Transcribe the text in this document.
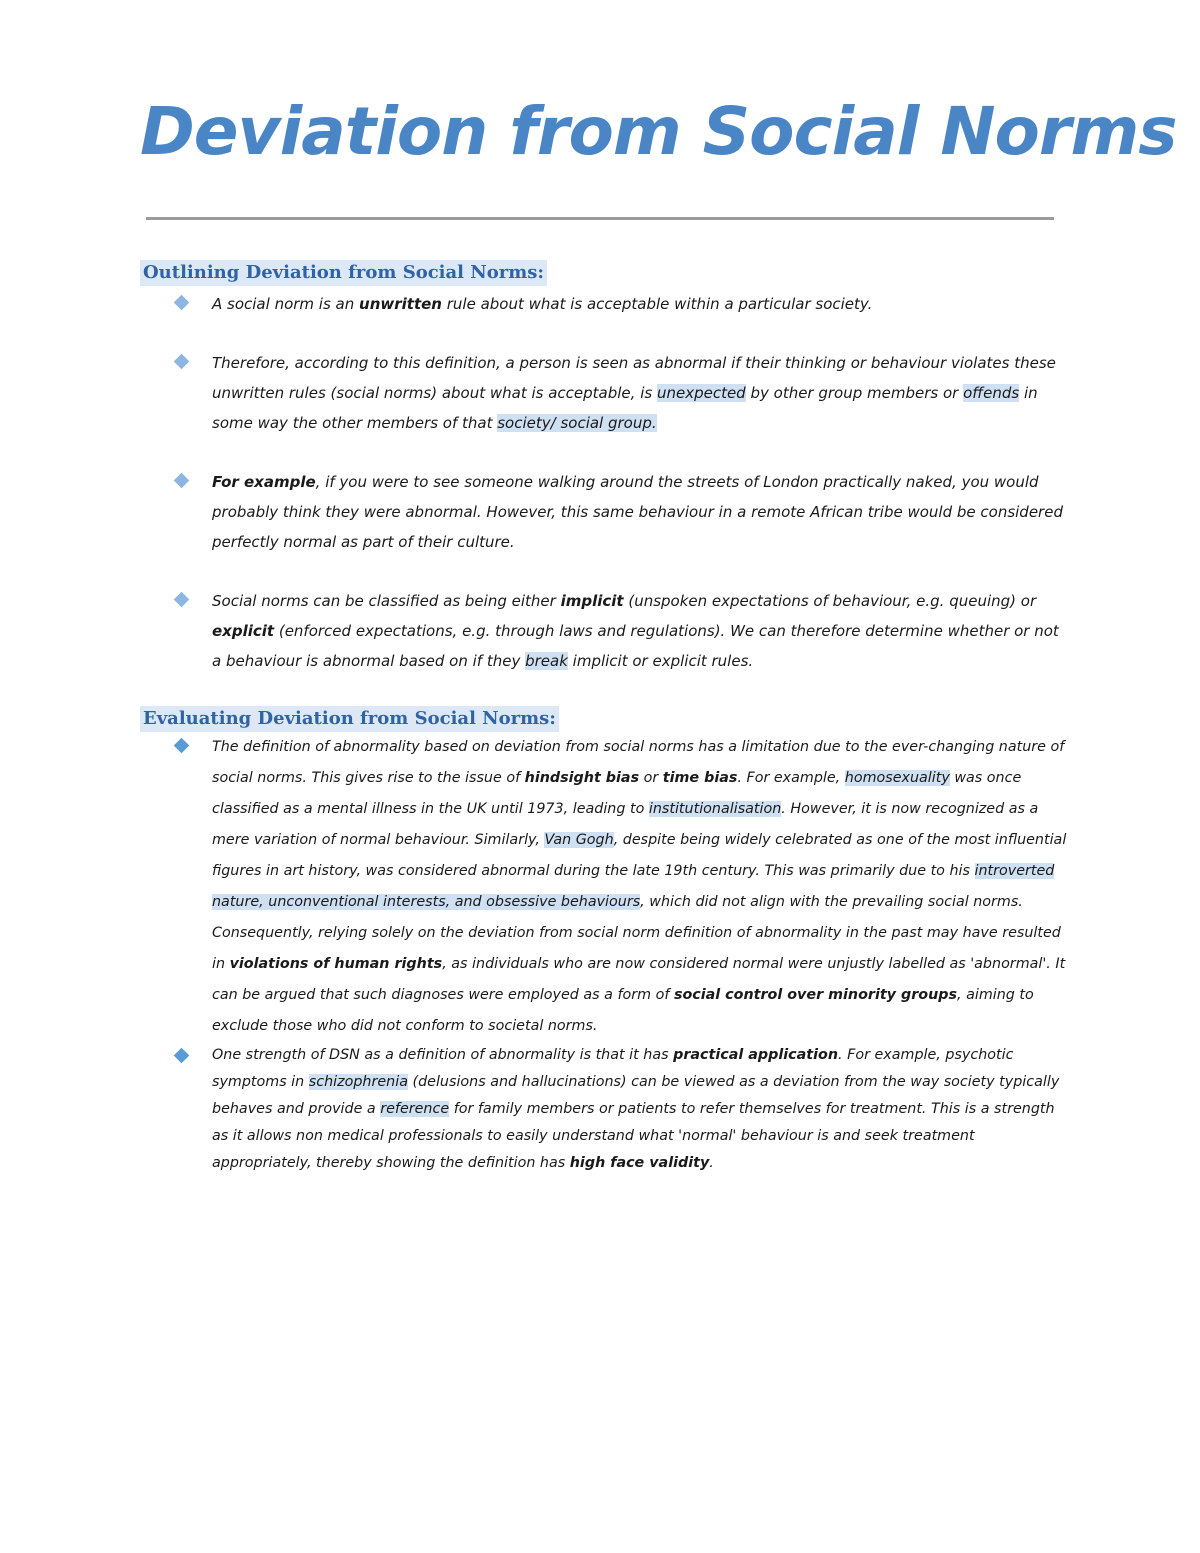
Deviation from Social Norms
Outlining Deviation from Social Norms:
A social norm is an unwritten rule about what is acceptable within a particular society.
Therefore, according to this definition, a person is seen as abnormal if their thinking or behaviour violates these unwritten rules (social norms) about what is acceptable, is unexpected by other group members or offends in some way the other members of that society/ social group.
For example, if you were to see someone walking around the streets of London practically naked, you would probably think they were abnormal. However, this same behaviour in a remote African tribe would be considered perfectly normal as part of their culture.
Social norms can be classified as being either implicit (unspoken expectations of behaviour, e.g. queuing) or explicit (enforced expectations, e.g. through laws and regulations). We can therefore determine whether or not a behaviour is abnormal based on if they break implicit or explicit rules.
Evaluating Deviation from Social Norms:
The definition of abnormality based on deviation from social norms has a limitation due to the ever-changing nature of social norms. This gives rise to the issue of hindsight bias or time bias. For example, homosexuality was once classified as a mental illness in the UK until 1973, leading to institutionalisation. However, it is now recognized as a mere variation of normal behaviour. Similarly, Van Gogh, despite being widely celebrated as one of the most influential figures in art history, was considered abnormal during the late 19th century. This was primarily due to his introverted nature, unconventional interests, and obsessive behaviours, which did not align with the prevailing social norms. Consequently, relying solely on the deviation from social norm definition of abnormality in the past may have resulted in violations of human rights, as individuals who are now considered normal were unjustly labelled as 'abnormal'. It can be argued that such diagnoses were employed as a form of social control over minority groups, aiming to exclude those who did not conform to societal norms.
One strength of DSN as a definition of abnormality is that it has practical application. For example, psychotic symptoms in schizophrenia (delusions and hallucinations) can be viewed as a deviation from the way society typically behaves and provide a reference for family members or patients to refer themselves for treatment. This is a strength as it allows non medical professionals to easily understand what 'normal' behaviour is and seek treatment appropriately, thereby showing the definition has high face validity.
